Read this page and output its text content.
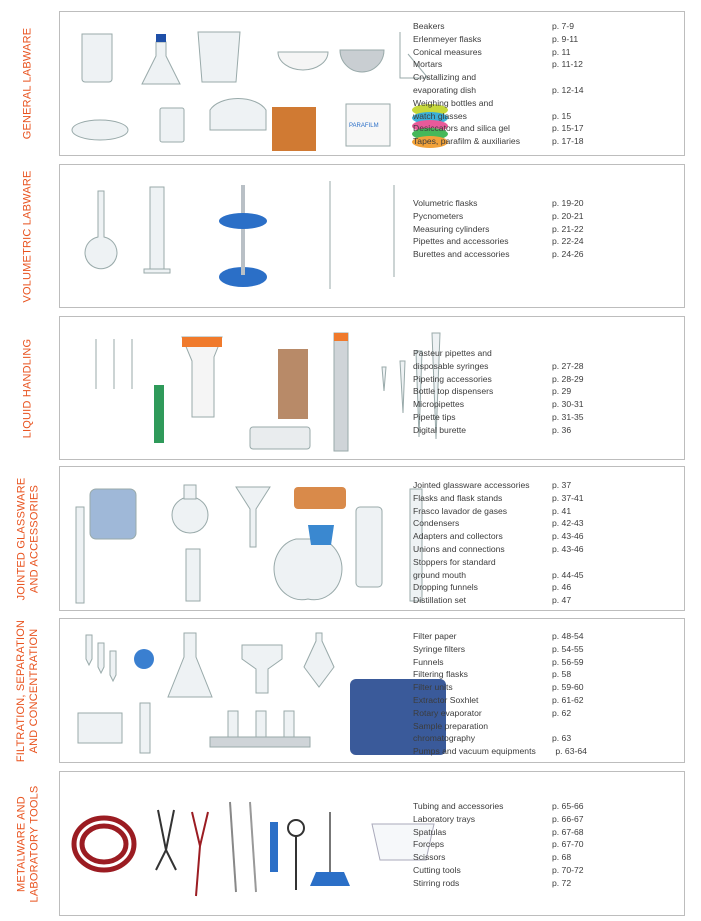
PARAFILM
GENERAL LABWARE
Beakers	p. 7-9
Erlenmeyer flasks	p. 9-11
Conical measures	p. 11
Mortars	p. 11-12
Crystallizing and
evaporating dish	p. 12-14
Weighing bottles and
watch glasses	p. 15
Desiccators and silica gel	p. 15-17
Tapes, parafilm & auxiliaries	p. 17-18
VOLUMETRIC LABWARE	Volumetric flasks	p. 19-20
Pycnometers	p. 20-21
Measuring cylinders	p. 21-22
Pipettes and accessories	p. 22-24
Burettes and accessories	p. 24-26
LIQUID HANDLING	Pasteur pipettes and
disposable syringes	p. 27-28
Pipeting accessories	p. 28-29
Bottle top dispensers	p. 29
Micropipettes	p. 30-31
Pipette tips	p. 31-35
Digital burette	p. 36
JOINTED GLASSWARE AND ACCESSORIES	Jointed glassware accessories	p. 37
Flasks and flask stands	p. 37-41
Frasco lavador de gases	p. 41
Condensers	p. 42-43
Adapters and collectors	p. 43-46
Unions and connections	p. 43-46
Stoppers for standard
ground mouth	p. 44-45
Dropping funnels	p. 46
Distillation set	p. 47
FILTRATION, SEPARATION AND CONCENTRATION	Filter paper	p. 48-54
Syringe filters	p. 54-55
Funnels	p. 56-59
Filtering flasks	p. 58
Filter units	p. 59-60
Extractor Soxhlet	p. 61-62
Rotary evaporator	p. 62
Sample preparation
chromatography	p. 63
Pumps and vacuum equipments	p. 63-64
METALWARE AND LABORATORY TOOLS	Tubing and accessories	p. 65-66
Laboratory trays	p. 66-67
Spatulas	p. 67-68
Forceps	p. 67-70
Scissors	p. 68
Cutting tools	p. 70-72
Stirring rods	p. 72
